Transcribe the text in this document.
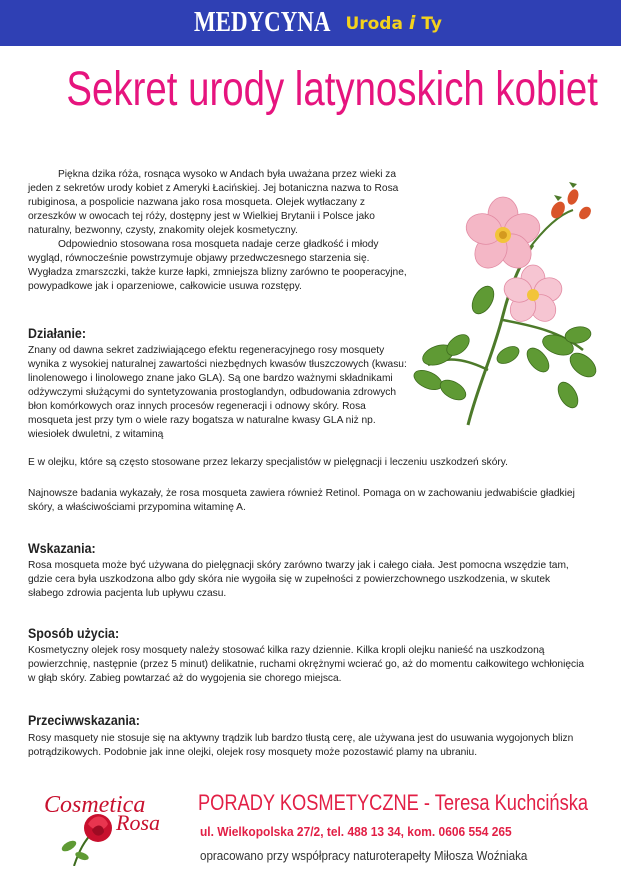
MEDYCYNA Uroda i Ty
Sekret urody latynoskich kobiet

Piękna dzika róża, rosnąca wysoko w Andach była uważana przez wieki za jeden z sekretów urody kobiet z Ameryki Łacińskiej. Jej botaniczna nazwa to Rosa rubiginosa, a pospolicie nazwana jako rosa mosqueta. Olejek wytłaczany z orzeszków w owocach tej róży, dostępny jest w Wielkiej Brytanii i Polsce jako naturalny, bezwonny, czysty, znakomity olejek kosmetyczny.

Odpowiednio stosowana rosa mosqueta nadaje cerze gładkość i młody wygląd, równocześnie powstrzymuje objawy przedwczesnego starzenia się. Wygładza zmarszczki, także kurze łapki, zmniejsza blizny zarówno te pooperacyjne, powypadkowe jak i oparzeniowe, całkowicie usuwa rozstępy.

Działanie:
Znany od dawna sekret zadziwiającego efektu regeneracyjnego rosy mosquety wynika z wysokiej naturalnej zawartości niezbędnych kwasów tłuszczowych (kwasu: linolenowego i linolowego znane jako GLA). Są one bardzo ważnymi składnikami odżywczymi służącymi do syntetyzowania prostoglandyn, odbudowania zdrowych błon komórkowych oraz innych procesów regeneracji i odnowy skóry. Rosa mosqueta jest przy tym o wiele razy bogatsza w naturalne kwasy GLA niż np. wiesiołek dwuletni, z witaminą
E w olejku, które są często stosowane przez lekarzy specjalistów w pielęgnacji i leczeniu uszkodzeń skóry.
Najnowsze badania wykazały, że rosa mosqueta zawiera również Retinol. Pomaga on w zachowaniu jedwabiście gładkiej skóry, a właściwościami przypomina witaminę A.
Wskazania:
Rosa mosqueta może być używana do pielęgnacji skóry zarówno twarzy jak i całego ciała. Jest pomocna wszędzie tam, gdzie cera była uszkodzona albo gdy skóra nie wygoiła się w zupełności z powierzchownego uszkodzenia, w skutek słabego zdrowia pacjenta lub upływu czasu.
Sposób użycia:
Kosmetyczny olejek rosy mosquety należy stosować kilka razy dziennie. Kilka kropli olejku nanieść na uszkodzoną powierzchnię, następnie (przez 5 minut) delikatnie, ruchami okrężnymi wcierać go, aż do momentu całkowitego wchłonięcia w głąb skóry. Zabieg powtarzać aż do wygojenia sie chorego miejsca.
Przeciwwskazania:
Rosy masquety nie stosuje się na aktywny trądzik lub bardzo tłustą cerę, ale używana jest do usuwania wygojonych blizn potrądzikowych. Podobnie jak inne olejki, olejek rosy mosquety może pozostawić plamy na ubraniu.
Cosmetica
Rosa
PORADY KOSMETYCZNE - Teresa Kuchcińska
ul. Wielkopolska 27/2, tel. 488 13 34, kom. 0606 554 265
opracowano przy współpracy naturoterapełty Miłosza Woźniaka
